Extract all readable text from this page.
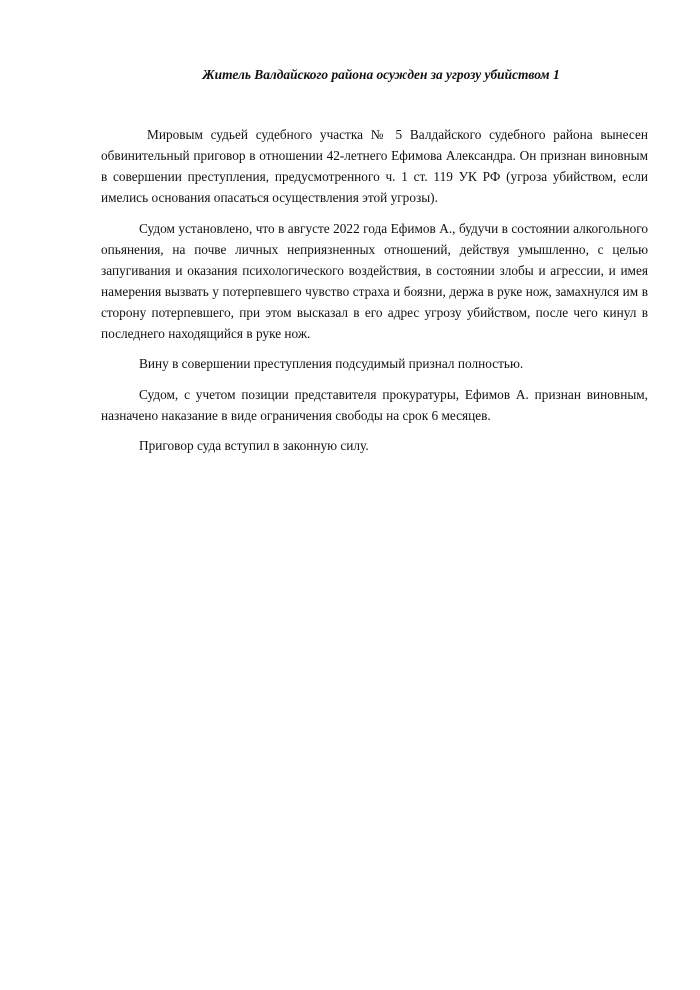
Житель Валдайского района осужден за угрозу убийством 1

Мировым судьей судебного участка № 5 Валдайского судебного района вынесен обвинительный приговор в отношении 42-летнего Ефимова Александра. Он признан виновным в совершении преступления, предусмотренного ч. 1 ст. 119 УК РФ (угроза убийством, если имелись основания опасаться осуществления этой угрозы).

Судом установлено, что в августе 2022 года Ефимов А., будучи в состоянии алкогольного опьянения, на почве личных неприязненных отношений, действуя умышленно, с целью запугивания и оказания психологического воздействия, в состоянии злобы и агрессии, и имея намерения вызвать у потерпевшего чувство страха и боязни, держа в руке нож, замахнулся им в сторону потерпевшего, при этом высказал в его адрес угрозу убийством, после чего кинул в последнего находящийся в руке нож.

Вину в совершении преступления подсудимый признал полностью.

Судом, с учетом позиции представителя прокуратуры, Ефимов А. признан виновным, назначено наказание в виде ограничения свободы на срок 6 месяцев.

Приговор суда вступил в законную силу.
